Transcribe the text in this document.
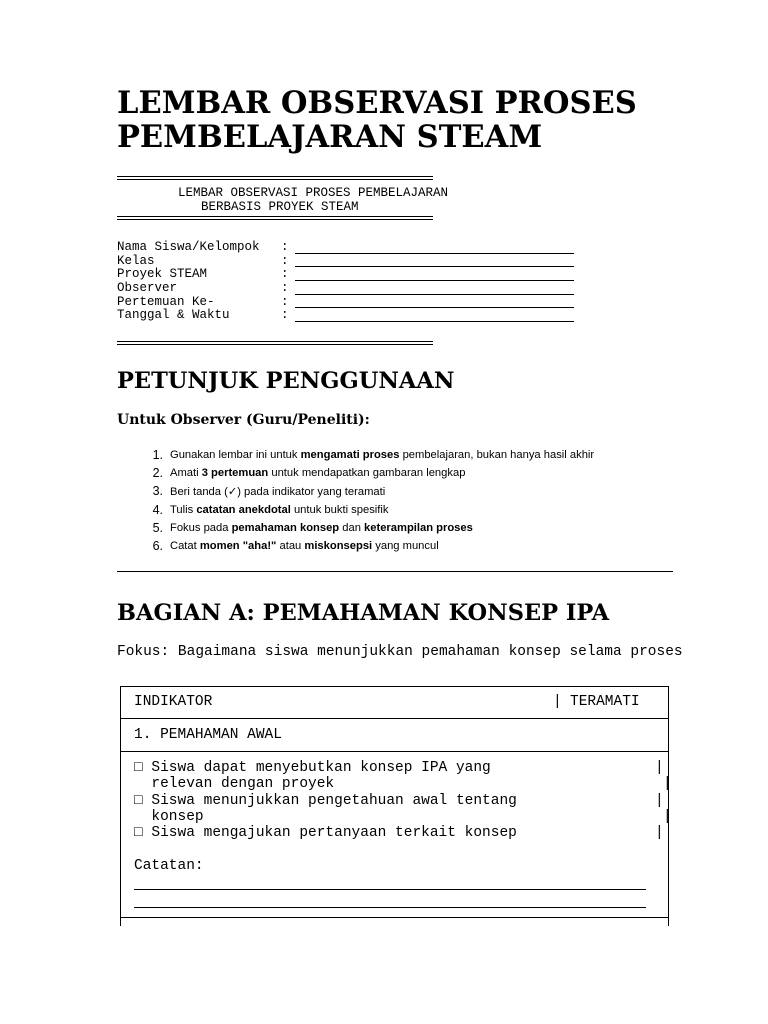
LEMBAR OBSERVASI PROSES
PEMBELAJARAN STEAM
LEMBAR OBSERVASI PROSES PEMBELAJARAN
BERBASIS PROYEK STEAM
Nama Siswa/Kelompok	:
Kelas	:
Proyek STEAM	:
Observer	:
Pertemuan Ke-	:
Tanggal & Waktu	:
PETUNJUK PENGGUNAAN
Untuk Observer (Guru/Peneliti):
1. Gunakan lembar ini untuk mengamati proses pembelajaran, bukan hanya hasil akhir
2. Amati 3 pertemuan untuk mendapatkan gambaran lengkap
3. Beri tanda (✓) pada indikator yang teramati
4. Tulis catatan anekdotal untuk bukti spesifik
5. Fokus pada pemahaman konsep dan keterampilan proses
6. Catat momen "aha!" atau miskonsepsi yang muncul
BAGIAN A: PEMAHAMAN KONSEP IPA

Fokus: Bagaimana siswa menunjukkan pemahaman konsep selama proses

INDIKATOR	| TERAMATI
1. PEMAHAMAN AWAL
□ Siswa dapat menyebutkan konsep IPA yang	|
relevan dengan proyek	|
□ Siswa menunjukkan pengetahuan awal tentang	|
konsep	|
□ Siswa mengajukan pertanyaan terkait konsep	|
Catatan:
